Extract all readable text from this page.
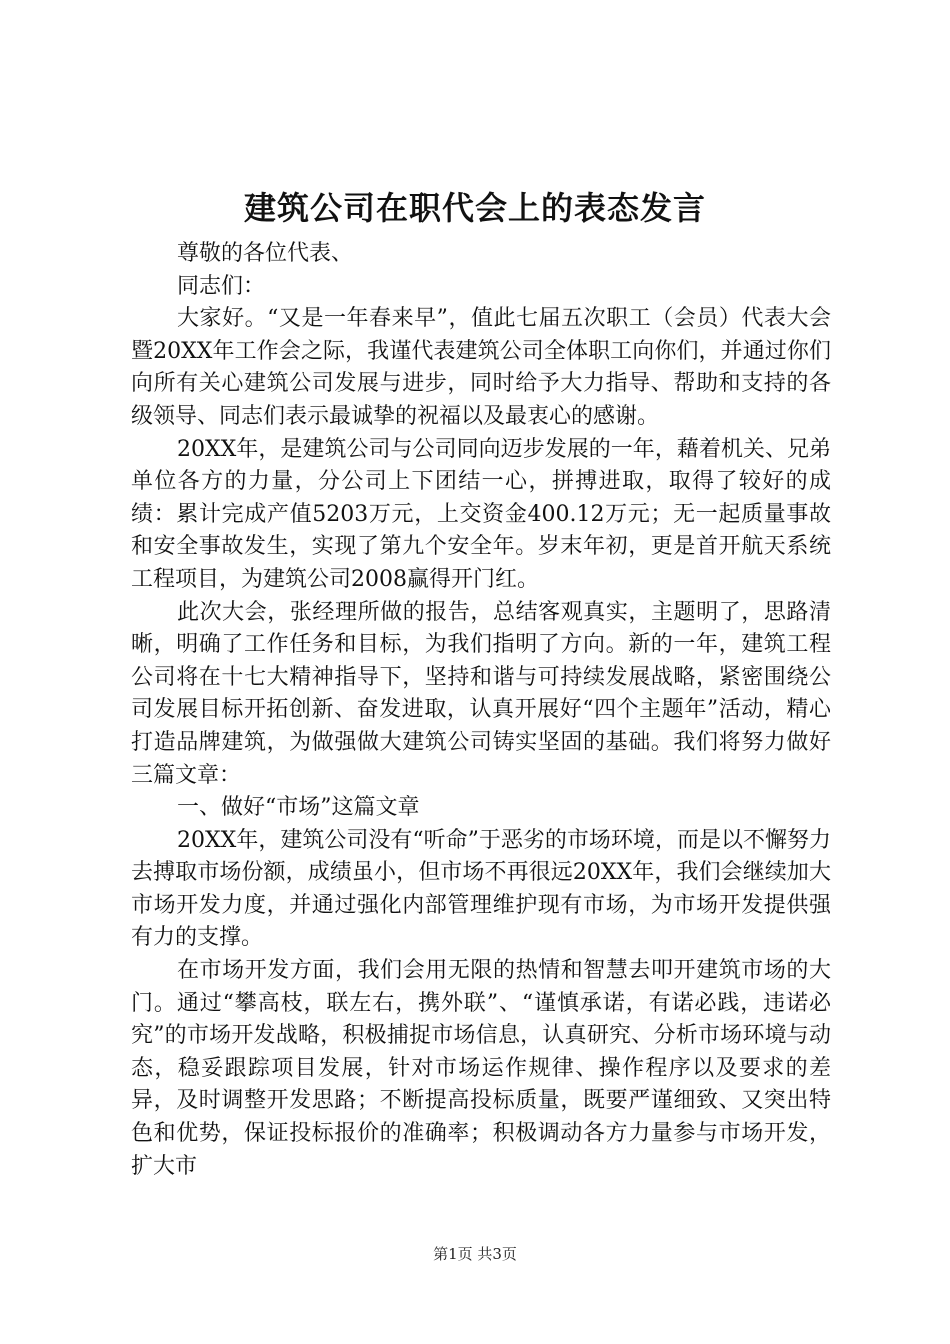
建筑公司在职代会上的表态发言

尊敬的各位代表、

同志们：

大家好。“又是一年春来早”，值此七届五次职工（会员）代表大会暨20XX年工作会之际，我谨代表建筑公司全体职工向你们，并通过你们向所有关心建筑公司发展与进步，同时给予大力指导、帮助和支持的各级领导、同志们表示最诚挚的祝福以及最衷心的感谢。

20XX年，是建筑公司与公司同向迈步发展的一年，藉着机关、兄弟单位各方的力量，分公司上下团结一心，拼搏进取，取得了较好的成绩：累计完成产值5203万元，上交资金400.12万元；无一起质量事故和安全事故发生，实现了第九个安全年。岁末年初，更是首开航天系统工程项目，为建筑公司2008赢得开门红。

此次大会，张经理所做的报告，总结客观真实，主题明了，思路清晰，明确了工作任务和目标，为我们指明了方向。新的一年，建筑工程公司将在十七大精神指导下，坚持和谐与可持续发展战略，紧密围绕公司发展目标开拓创新、奋发进取，认真开展好“四个主题年”活动，精心打造品牌建筑，为做强做大建筑公司铸实坚固的基础。我们将努力做好三篇文章：

一、做好“市场”这篇文章

20XX年，建筑公司没有“听命”于恶劣的市场环境，而是以不懈努力去搏取市场份额，成绩虽小，但市场不再很远20XX年，我们会继续加大市场开发力度，并通过强化内部管理维护现有市场，为市场开发提供强有力的支撑。

在市场开发方面，我们会用无限的热情和智慧去叩开建筑市场的大门。通过“攀高枝，联左右，携外联”、“谨慎承诺，有诺必践，违诺必究”的市场开发战略，积极捕捉市场信息，认真研究、分析市场环境与动态，稳妥跟踪项目发展，针对市场运作规律、操作程序以及要求的差异，及时调整开发思路；不断提高投标质量，既要严谨细致、又突出特色和优势，保证投标报价的准确率；积极调动各方力量参与市场开发，扩大市

第1页 共3页
